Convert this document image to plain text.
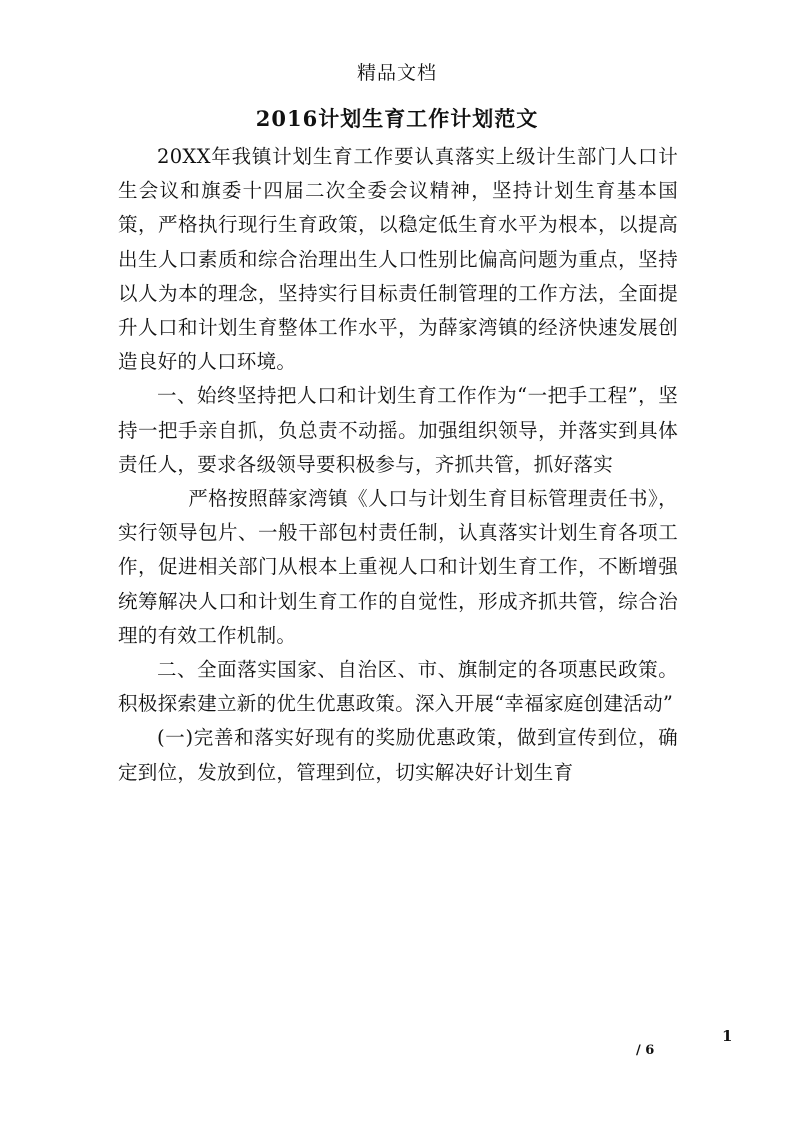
精品文档
2016计划生育工作计划范文

20XX年我镇计划生育工作要认真落实上级计生部门人口计生会议和旗委十四届二次全委会议精神，坚持计划生育基本国策，严格执行现行生育政策，以稳定低生育水平为根本，以提高出生人口素质和综合治理出生人口性别比偏高问题为重点，坚持以人为本的理念，坚持实行目标责任制管理的工作方法，全面提升人口和计划生育整体工作水平，为薛家湾镇的经济快速发展创造良好的人口环境。

一、始终坚持把人口和计划生育工作作为“一把手工程”，坚持一把手亲自抓，负总责不动摇。加强组织领导，并落实到具体责任人，要求各级领导要积极参与，齐抓共管，抓好落实

严格按照薛家湾镇《人口与计划生育目标管理责任书》，实行领导包片、一般干部包村责任制，认真落实计划生育各项工作，促进相关部门从根本上重视人口和计划生育工作，不断增强统筹解决人口和计划生育工作的自觉性，形成齐抓共管，综合治理的有效工作机制。

二、全面落实国家、自治区、市、旗制定的各项惠民政策。积极探索建立新的优生优惠政策。深入开展“幸福家庭创建活动”

(一)完善和落实好现有的奖励优惠政策，做到宣传到位，确定到位，发放到位，管理到位，切实解决好计划生育

1
/ 6
